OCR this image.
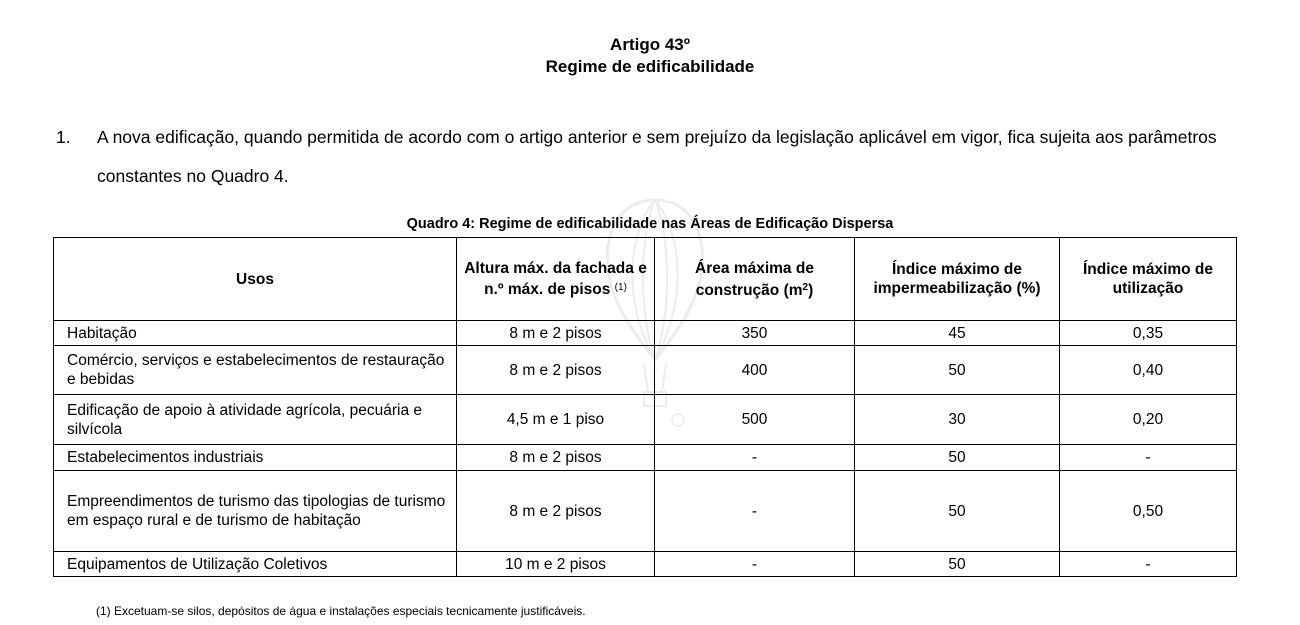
Artigo 43º
Regime de edificabilidade
1. A nova edificação, quando permitida de acordo com o artigo anterior e sem prejuízo da legislação aplicável em vigor, fica sujeita aos parâmetros constantes no Quadro 4.
Quadro 4: Regime de edificabilidade nas Áreas de Edificação Dispersa
Usos	Altura máx. da fachada e n.º máx. de pisos $^{(1)}$	Área máxima de construção $(m^2)$	Índice máximo de impermeabilização (%)	Índice máximo de utilização
Habitação	8 m e 2 pisos	350	45	0,35
Comércio, serviços e estabelecimentos de restauração e bebidas	8 m e 2 pisos	400	50	0,40
Edificação de apoio à atividade agrícola, pecuária e silvícola	4,5 m e 1 piso	500	30	0,20
Estabelecimentos industriais	8 m e 2 pisos	-	50	-
Empreendimentos de turismo das tipologias de turismo em espaço rural e de turismo de habitação	8 m e 2 pisos	-	50	0,50
Equipamentos de Utilização Coletivos	10 m e 2 pisos	-	50	-
(1) Excetuam-se silos, depósitos de água e instalações especiais tecnicamente justificáveis.
